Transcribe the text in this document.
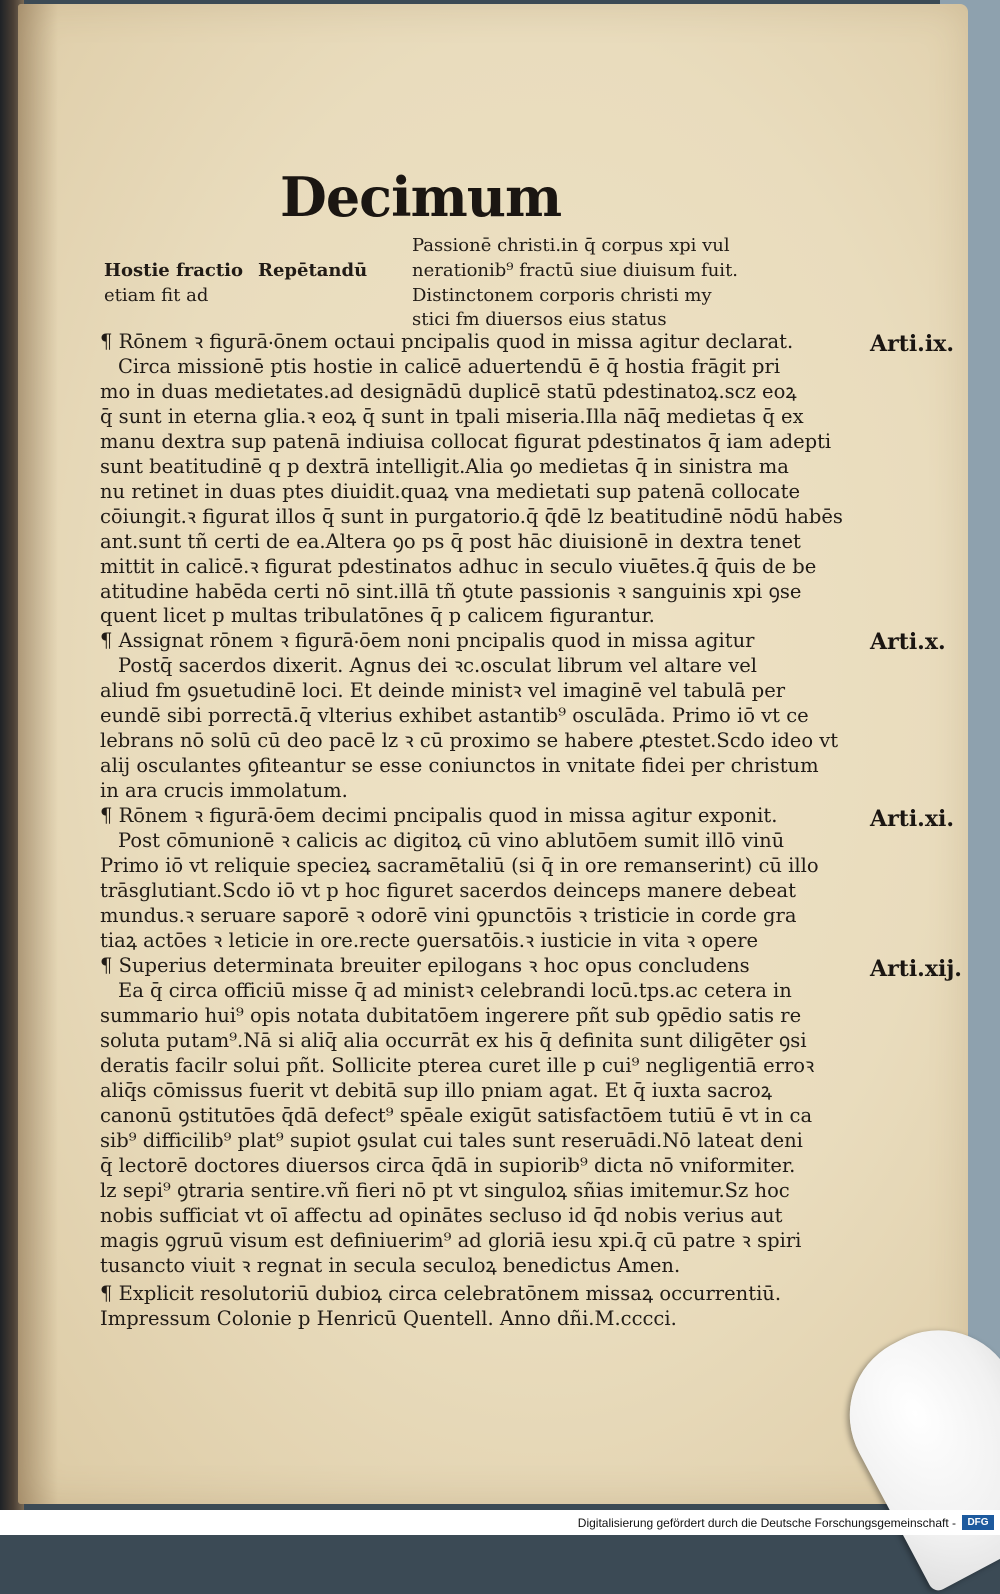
Decimum
Hostie fractio
etiam fit ad
Repētandū
Passionē christi.in q̄ corpus xpi vul
nerationib⁹ fractū siue diuisum fuit.
Distinctonem corporis christi my
stici fm diuersos eius status
¶ Rōnem ꝛ figurā‧ōnem octaui pncipalis quod in missa agitur declarat.
Circa missionē ptis hostie in calicē aduertendū ē q̄ hostia frāgit pri
mo in duas medietates.ad designādū duplicē statū pdestinatoꝝ.scz eoꝝ
q̄ sunt in eterna glia.ꝛ eoꝝ q̄ sunt in tpali miseria.Illa nāq̄ medietas q̄ ex
manu dextra sup patenā indiuisa collocat figurat pdestinatos q̄ iam adepti
sunt beatitudinē q p dextrā intelligit.Alia ꝯo medietas q̄ in sinistra ma
nu retinet in duas ptes diuidit.quaꝝ vna medietati sup patenā collocate
cōiungit.ꝛ figurat illos q̄ sunt in purgatorio.q̄ q̄dē lz beatitudinē nōdū habēs
ant.sunt tñ certi de ea.Altera ꝯo ps q̄ post hāc diuisionē in dextra tenet
mittit in calicē.ꝛ figurat pdestinatos adhuc in seculo viuētes.q̄ q̄uis de be
atitudine habēda certi nō sint.illā tñ ꝯtute passionis ꝛ sanguinis xpi ꝯse
quent licet p multas tribulatōnes q̄ p calicem figurantur.
¶ Assignat rōnem ꝛ figurā‧ōem noni pncipalis quod in missa agitur
Postq̄ sacerdos dixerit. Agnus dei ꝛc.osculat librum vel altare vel
aliud fm ꝯsuetudinē loci. Et deinde ministꝛ vel imaginē vel tabulā per
eundē sibi porrectā.q̄ vlterius exhibet astantib⁹ osculāda. Primo iō vt ce
lebrans nō solū cū deo pacē lz ꝛ cū proximo se habere ꝓtestet.Scdo ideo vt
alij osculantes ꝯfiteantur se esse coniunctos in vnitate fidei per christum
in ara crucis immolatum.
¶ Rōnem ꝛ figurā‧ōem decimi pncipalis quod in missa agitur exponit.
Post cōmunionē ꝛ calicis ac digitoꝝ cū vino ablutōem sumit illō vinū
Primo iō vt reliquie specieꝝ sacramētaliū (si q̄ in ore remanserint) cū illo
trāsglutiant.Scdo iō vt p hoc figuret sacerdos deinceps manere debeat
mundus.ꝛ seruare saporē ꝛ odorē vini ꝯpunctōis ꝛ tristicie in corde gra
tiaꝝ actōes ꝛ leticie in ore.recte ꝯuersatōis.ꝛ iusticie in vita ꝛ opere
¶ Superius determinata breuiter epilogans ꝛ hoc opus concludens
Ea q̄ circa officiū misse q̄ ad ministꝛ celebrandi locū.tps.ac cetera in
summario hui⁹ opis notata dubitatōem ingerere pñt sub ꝯpēdio satis re
soluta putam⁹.Nā si aliq̄ alia occurrāt ex his q̄ definita sunt diligēter ꝯsi
deratis facilr solui pñt. Sollicite pterea curet ille p cui⁹ negligentiā erroꝛ
aliq̄s cōmissus fuerit vt debitā sup illo pniam agat. Et q̄ iuxta sacroꝝ
canonū ꝯstitutōes q̄dā defect⁹ spēale exigūt satisfactōem tutiū ē vt in ca
sib⁹ difficilib⁹ plat⁹ supiot ꝯsulat cui tales sunt reseruādi.Nō lateat deni
q̄ lectorē doctores diuersos circa q̄dā in supiorib⁹ dicta nō vniformiter.
lz sepi⁹ ꝯtraria sentire.vñ fieri nō pt vt singuloꝝ sñias imitemur.Sz hoc
nobis sufficiat vt oī affectu ad opinātes secluso id q̄d nobis verius aut
magis ꝯgruū visum est definiuerim⁹ ad gloriā iesu xpi.q̄ cū patre ꝛ spiri
tusancto viuit ꝛ regnat in secula seculoꝝ benedictus Amen.
¶ Explicit resolutoriū dubioꝝ circa celebratōnem missaꝝ occurrentiū.
Impressum Colonie p Henricū Quentell. Anno dñi.M.cccci.
Arti.ix.
Arti.x.
Arti.xi.
Arti.xij.
Digitalisierung gefördert durch die Deutsche Forschungsgemeinschaft -	DFG
